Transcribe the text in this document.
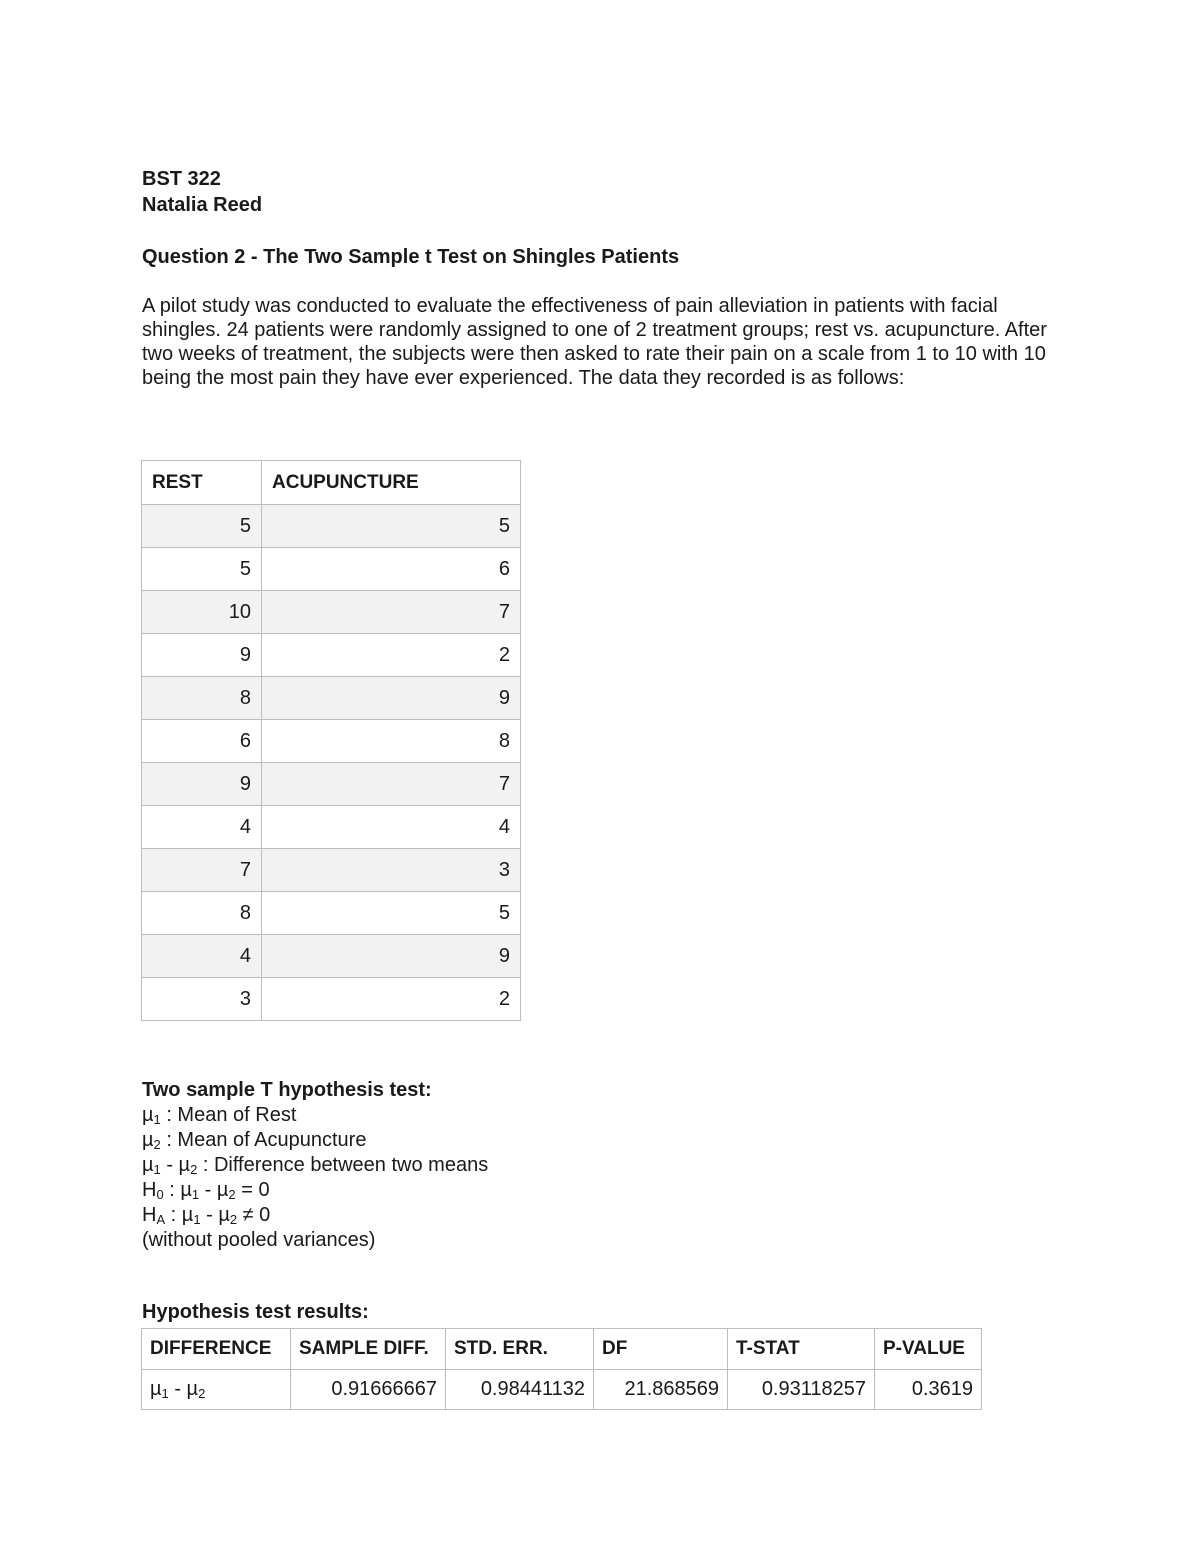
BST 322
Natalia Reed
Question 2 - The Two Sample t Test on Shingles Patients
A pilot study was conducted to evaluate the effectiveness of pain alleviation in patients with facial shingles. 24 patients were randomly assigned to one of 2 treatment groups; rest vs. acupuncture. After two weeks of treatment, the subjects were then asked to rate their pain on a scale from 1 to 10 with 10 being the most pain they have ever experienced. The data they recorded is as follows:
REST	ACUPUNCTURE
5	5
5	6
10	7
9	2
8	9
6	8
9	7
4	4
7	3
8	5
4	9
3	2
Two sample T hypothesis test:
µ$_1$ : Mean of Rest
µ$_2$ : Mean of Acupuncture
µ$_1$ - µ$_2$ : Difference between two means
$H_0$ : µ$_1$ - µ$_2$ = 0
$H_A$ : µ$_1$ - µ$_2$ ≠ 0
(without pooled variances)
Hypothesis test results:
DIFFERENCE	SAMPLE DIFF.	STD. ERR.	DF	T-STAT	P-VALUE
µ$_1$ - µ$_2$	0.91666667	0.98441132	21.868569	0.93118257	0.3619
